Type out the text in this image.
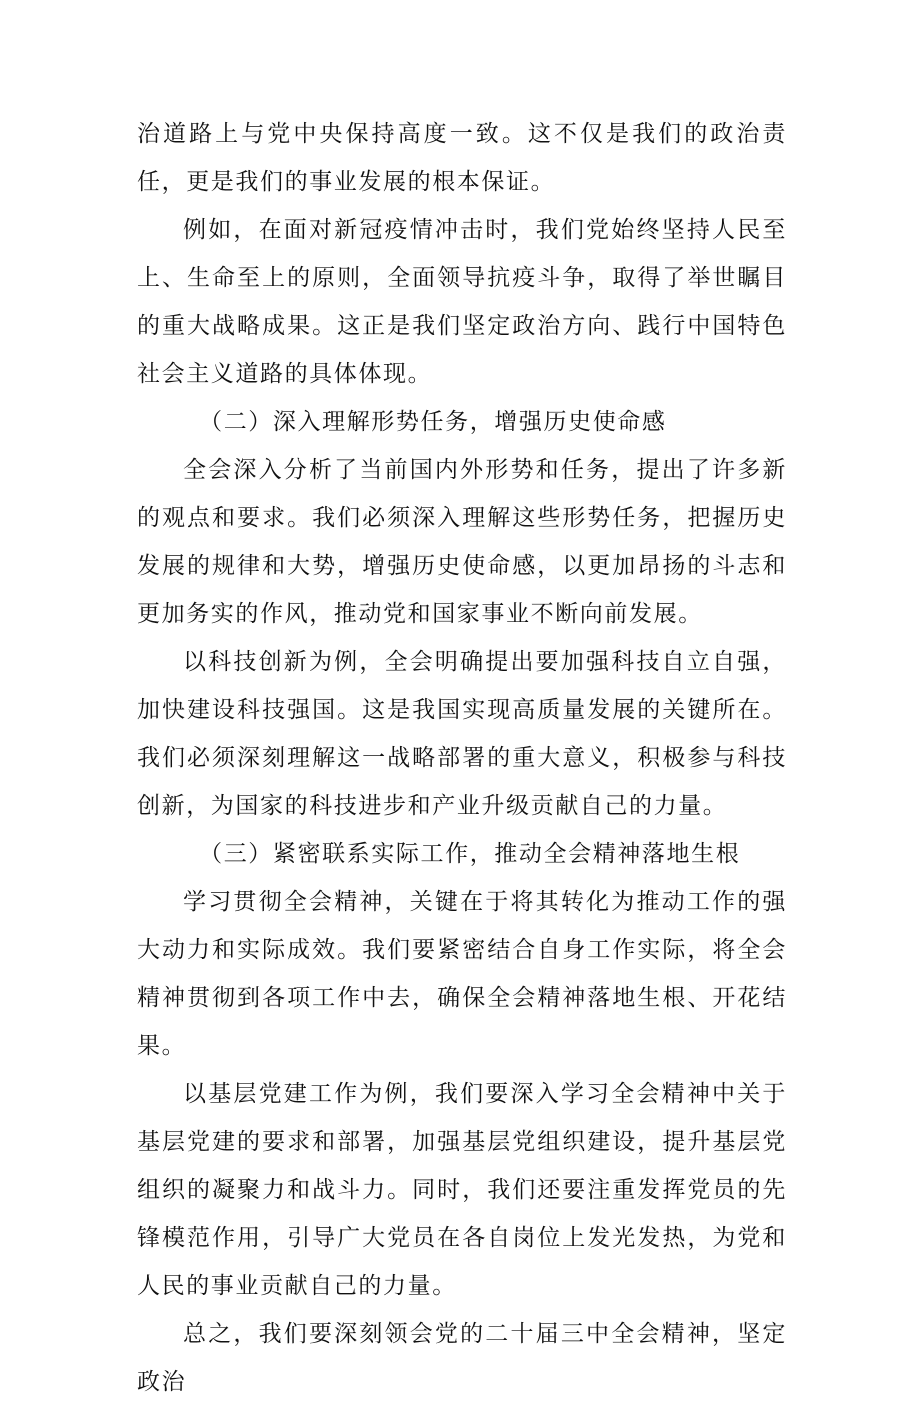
治道路上与党中央保持高度一致。这不仅是我们的政治责任，更是我们的事业发展的根本保证。

例如，在面对新冠疫情冲击时，我们党始终坚持人民至上、生命至上的原则，全面领导抗疫斗争，取得了举世瞩目的重大战略成果。这正是我们坚定政治方向、践行中国特色社会主义道路的具体体现。

（二）深入理解形势任务，增强历史使命感

全会深入分析了当前国内外形势和任务，提出了许多新的观点和要求。我们必须深入理解这些形势任务，把握历史发展的规律和大势，增强历史使命感，以更加昂扬的斗志和更加务实的作风，推动党和国家事业不断向前发展。

以科技创新为例，全会明确提出要加强科技自立自强，加快建设科技强国。这是我国实现高质量发展的关键所在。我们必须深刻理解这一战略部署的重大意义，积极参与科技创新，为国家的科技进步和产业升级贡献自己的力量。

（三）紧密联系实际工作，推动全会精神落地生根

学习贯彻全会精神，关键在于将其转化为推动工作的强大动力和实际成效。我们要紧密结合自身工作实际，将全会精神贯彻到各项工作中去，确保全会精神落地生根、开花结果。

以基层党建工作为例，我们要深入学习全会精神中关于基层党建的要求和部署，加强基层党组织建设，提升基层党组织的凝聚力和战斗力。同时，我们还要注重发挥党员的先锋模范作用，引导广大党员在各自岗位上发光发热，为党和人民的事业贡献自己的力量。

总之，我们要深刻领会党的二十届三中全会精神，坚定政治
